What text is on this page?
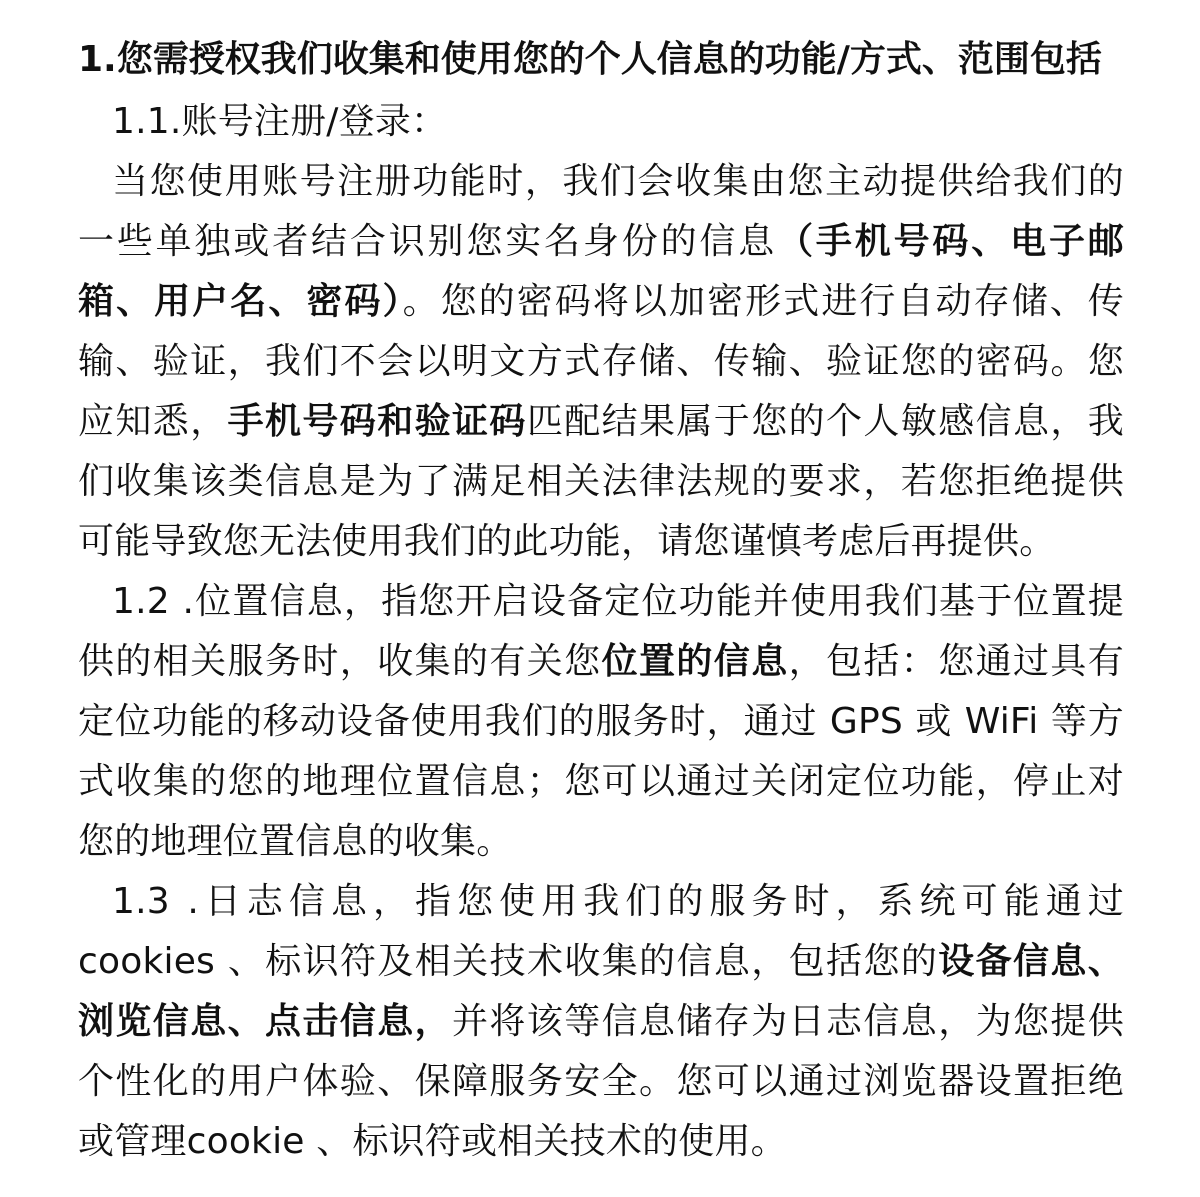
1.您需授权我们收集和使用您的个人信息的功能/方式、范围包括

1.1.账号注册/登录：

当您使用账号注册功能时，我们会收集由您主动提供给我们的一些单独或者结合识别您实名身份的信息（手机号码、电子邮箱、用户名、密码）。您的密码将以加密形式进行自动存储、传输、验证，我们不会以明文方式存储、传输、验证您的密码。您应知悉，手机号码和验证码匹配结果属于您的个人敏感信息，我们收集该类信息是为了满足相关法律法规的要求，若您拒绝提供可能导致您无法使用我们的此功能，请您谨慎考虑后再提供。

1.2 .位置信息，指您开启设备定位功能并使用我们基于位置提供的相关服务时，收集的有关您位置的信息，包括：您通过具有定位功能的移动设备使用我们的服务时，通过 GPS 或 WiFi 等方式收集的您的地理位置信息；您可以通过关闭定位功能，停止对您的地理位置信息的收集。

1.3 .日志信息，指您使用我们的服务时，系统可能通过 cookies 、标识符及相关技术收集的信息，包括您的设备信息、浏览信息、点击信息，并将该等信息储存为日志信息，为您提供个性化的用户体验、保障服务安全。您可以通过浏览器设置拒绝或管理cookie 、标识符或相关技术的使用。
